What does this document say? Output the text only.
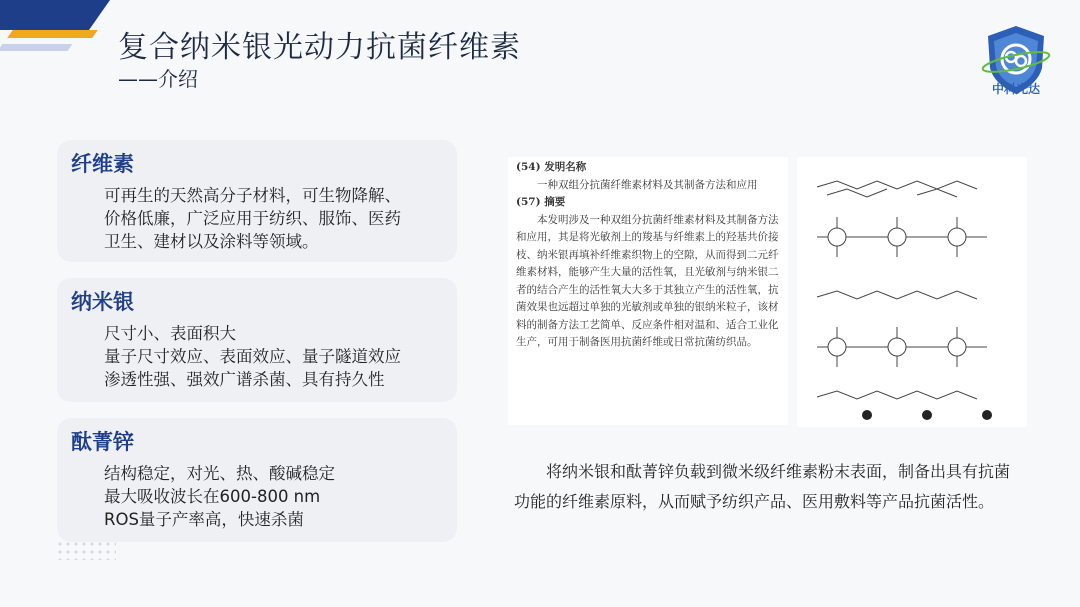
复合纳米银光动力抗菌纤维素
——介绍	中科光达
纤维素
可再生的天然高分子材料，可生物降解、
价格低廉，广泛应用于纺织、服饰、医药
卫生、建材以及涂料等领域。
纳米银
尺寸小、表面积大
量子尺寸效应、表面效应、量子隧道效应
渗透性强、强效广谱杀菌、具有持久性
酞菁锌
结构稳定，对光、热、酸碱稳定
最大吸收波长在600-800 nm
ROS量子产率高，快速杀菌
(54) 发明名称
一种双组分抗菌纤维素材料及其制备方法和应用
(57) 摘要
本发明涉及一种双组分抗菌纤维素材料及其制备方法和应用，其是将光敏剂上的羧基与纤维素上的羟基共价接枝、纳米银再填补纤维素织物上的空隙，从而得到二元纤维素材料，能够产生大量的活性氧，且光敏剂与纳米银二者的结合产生的活性氧大大多于其独立产生的活性氧，抗菌效果也远超过单独的光敏剂或单独的银纳米粒子，该材料的制备方法工艺简单、反应条件相对温和、适合工业化生产，可用于制备医用抗菌纤维或日常抗菌纺织品。
将纳米银和酞菁锌负载到微米级纤维素粉末表面，制备出具有抗菌功能的纤维素原料，从而赋予纺织产品、医用敷料等产品抗菌活性。
